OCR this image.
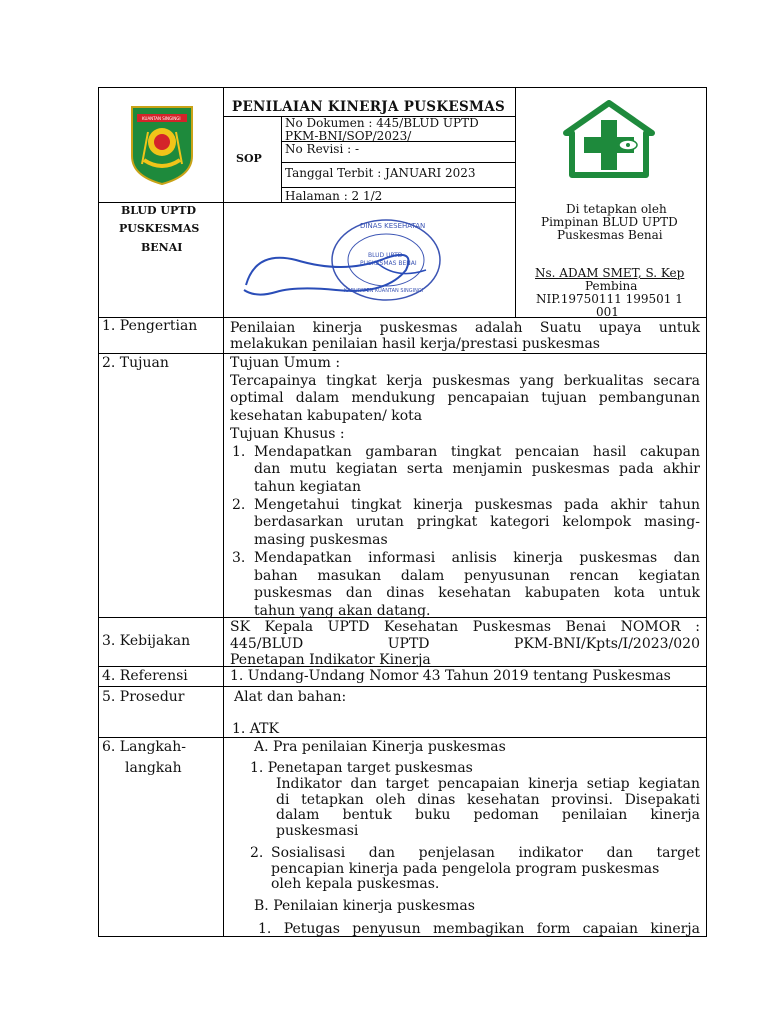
KUANTAN SINGINGI
PENILAIAN KINERJA PUSKESMAS
SOP
No Dokumen : 445/BLUD UPTD
PKM-BNI/SOP/2023/
No Revisi : -
Tanggal Terbit : JANUARI 2023
Halaman : 2 1/2
BLUD UPTD
PUSKESMAS
BENAI
DINAS KESEHATAN
BLUD UPTD
PUSKESMAS BENAI
KABUPATEN KUANTAN SINGINGI
Di tetapkan oleh
Pimpinan BLUD UPTD
Puskesmas Benai
Ns. ADAM SMET, S. Kep
Pembina
NIP.19750111 199501 1
001
1. Pengertian
2. Tujuan
3. Kebijakan
4. Referensi
5. Prosedur
6. Langkah-
langkah
Penilaian kinerja puskesmas adalah Suatu upaya untuk
melakukan penilaian hasil kerja/prestasi puskesmas
Tujuan Umum :
Tercapainya tingkat kerja puskesmas yang berkualitas secara
optimal dalam mendukung pencapaian tujuan pembangunan
kesehatan kabupaten/ kota
Tujuan Khusus :
1. Mendapatkan gambaran tingkat pencaian hasil cakupan
dan mutu kegiatan serta menjamin puskesmas pada akhir
tahun kegiatan
2. Mengetahui tingkat kinerja puskesmas pada akhir tahun
berdasarkan urutan pringkat kategori kelompok masing-
masing puskesmas
3. Mendapatkan informasi anlisis kinerja puskesmas dan
bahan masukan dalam penyusunan rencan kegiatan
puskesmas dan dinas kesehatan kabupaten kota untuk
tahun yang akan datang.
SK Kepala UPTD Kesehatan Puskesmas Benai NOMOR :
445/BLUD UPTD PKM-BNI/Kpts/I/2023/020
Penetapan Indikator Kinerja
1. Undang-Undang Nomor 43 Tahun 2019 tentang Puskesmas
Alat dan bahan:
1. ATK
A. Pra penilaian Kinerja puskesmas
1. Penetapan target puskesmas
Indikator dan target pencapaian kinerja setiap kegiatan
di tetapkan oleh dinas kesehatan provinsi. Disepakati
dalam bentuk buku pedoman penilaian kinerja
puskesmasi
2. Sosialisasi dan penjelasan indikator dan target
pencapian kinerja pada pengelola program puskesmas
oleh kepala puskesmas.
B. Penilaian kinerja puskesmas
1. Petugas penyusun membagikan form capaian kinerja
